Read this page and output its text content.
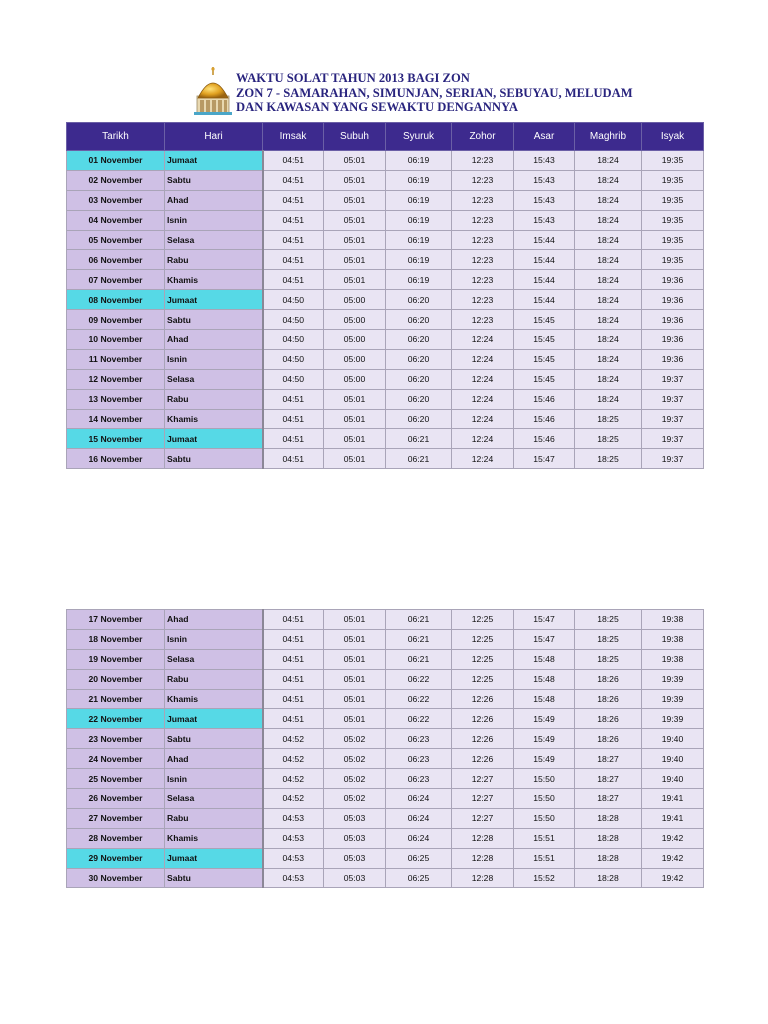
WAKTU SOLAT TAHUN 2013 BAGI ZON
ZON 7 - SAMARAHAN, SIMUNJAN, SERIAN, SEBUYAU, MELUDAM
DAN KAWASAN YANG SEWAKTU DENGANNYA
Tarikh	Hari	Imsak	Subuh	Syuruk	Zohor	Asar	Maghrib	Isyak
01 November	Jumaat	04:51	05:01	06:19	12:23	15:43	18:24	19:35
02 November	Sabtu	04:51	05:01	06:19	12:23	15:43	18:24	19:35
03 November	Ahad	04:51	05:01	06:19	12:23	15:43	18:24	19:35
04 November	Isnin	04:51	05:01	06:19	12:23	15:43	18:24	19:35
05 November	Selasa	04:51	05:01	06:19	12:23	15:44	18:24	19:35
06 November	Rabu	04:51	05:01	06:19	12:23	15:44	18:24	19:35
07 November	Khamis	04:51	05:01	06:19	12:23	15:44	18:24	19:36
08 November	Jumaat	04:50	05:00	06:20	12:23	15:44	18:24	19:36
09 November	Sabtu	04:50	05:00	06:20	12:23	15:45	18:24	19:36
10 November	Ahad	04:50	05:00	06:20	12:24	15:45	18:24	19:36
11 November	Isnin	04:50	05:00	06:20	12:24	15:45	18:24	19:36
12 November	Selasa	04:50	05:00	06:20	12:24	15:45	18:24	19:37
13 November	Rabu	04:51	05:01	06:20	12:24	15:46	18:24	19:37
14 November	Khamis	04:51	05:01	06:20	12:24	15:46	18:25	19:37
15 November	Jumaat	04:51	05:01	06:21	12:24	15:46	18:25	19:37
16 November	Sabtu	04:51	05:01	06:21	12:24	15:47	18:25	19:37
17 November	Ahad	04:51	05:01	06:21	12:25	15:47	18:25	19:38
18 November	Isnin	04:51	05:01	06:21	12:25	15:47	18:25	19:38
19 November	Selasa	04:51	05:01	06:21	12:25	15:48	18:25	19:38
20 November	Rabu	04:51	05:01	06:22	12:25	15:48	18:26	19:39
21 November	Khamis	04:51	05:01	06:22	12:26	15:48	18:26	19:39
22 November	Jumaat	04:51	05:01	06:22	12:26	15:49	18:26	19:39
23 November	Sabtu	04:52	05:02	06:23	12:26	15:49	18:26	19:40
24 November	Ahad	04:52	05:02	06:23	12:26	15:49	18:27	19:40
25 November	Isnin	04:52	05:02	06:23	12:27	15:50	18:27	19:40
26 November	Selasa	04:52	05:02	06:24	12:27	15:50	18:27	19:41
27 November	Rabu	04:53	05:03	06:24	12:27	15:50	18:28	19:41
28 November	Khamis	04:53	05:03	06:24	12:28	15:51	18:28	19:42
29 November	Jumaat	04:53	05:03	06:25	12:28	15:51	18:28	19:42
30 November	Sabtu	04:53	05:03	06:25	12:28	15:52	18:28	19:42
